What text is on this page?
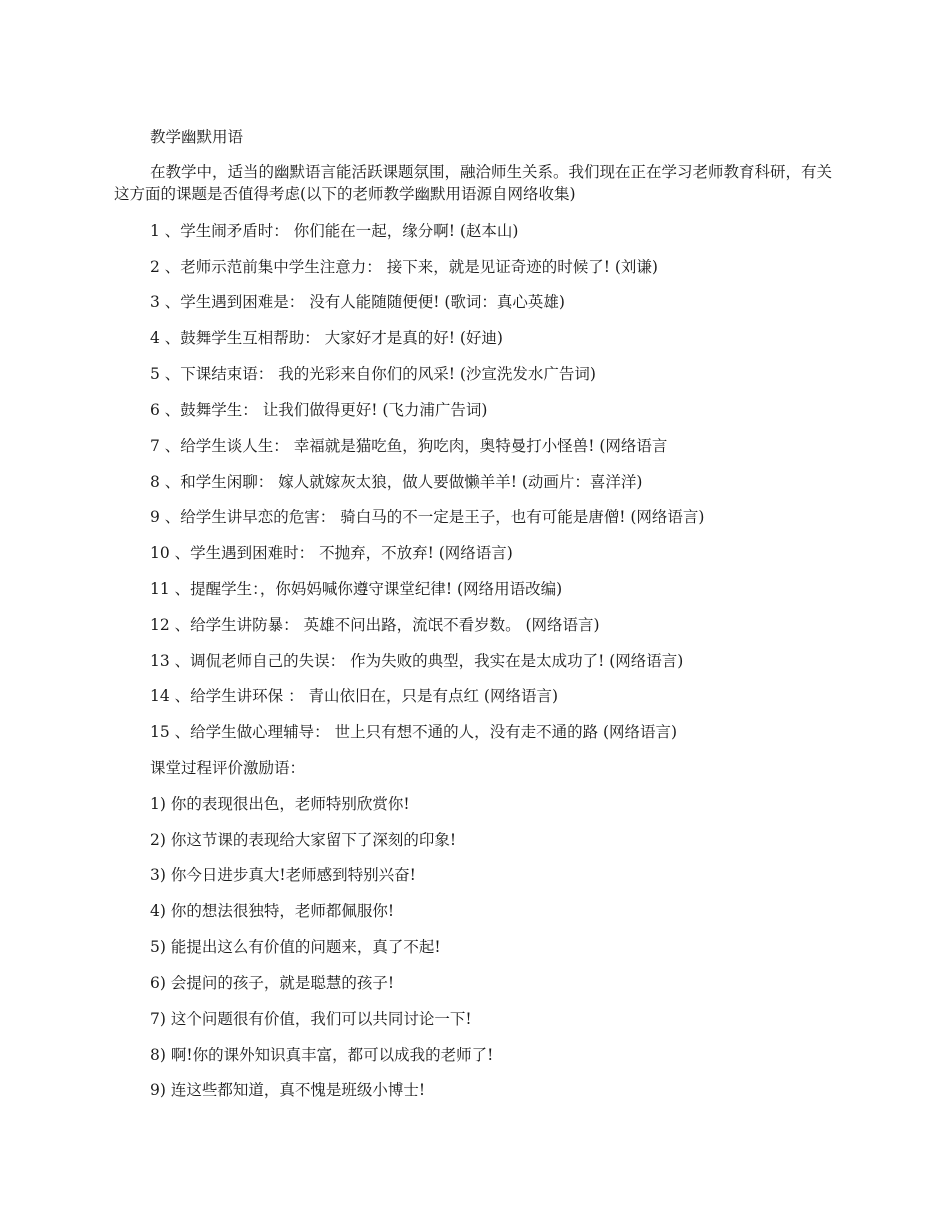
教学幽默用语
在教学中，适当的幽默语言能活跃课题氛围，融洽师生关系。我们现在正在学习老师教育科研，有关这方面的课题是否值得考虑(以下的老师教学幽默用语源自网络收集)
1 、学生闹矛盾时： 你们能在一起，缘分啊! (赵本山)
2 、老师示范前集中学生注意力： 接下来，就是见证奇迹的时候了! (刘谦)
3 、学生遇到困难是： 没有人能随随便便! (歌词：真心英雄)
4 、鼓舞学生互相帮助： 大家好才是真的好! (好迪)
5 、下课结束语： 我的光彩来自你们的风采! (沙宣洗发水广告词)
6 、鼓舞学生： 让我们做得更好! (飞力浦广告词)
7 、给学生谈人生： 幸福就是猫吃鱼，狗吃肉，奥特曼打小怪兽! (网络语言
8 、和学生闲聊： 嫁人就嫁灰太狼，做人要做懒羊羊! (动画片：喜洋洋)
9 、给学生讲早恋的危害： 骑白马的不一定是王子，也有可能是唐僧! (网络语言)
10 、学生遇到困难时： 不抛弃，不放弃! (网络语言)
11 、提醒学生：，你妈妈喊你遵守课堂纪律! (网络用语改编)
12 、给学生讲防暴： 英雄不问出路，流氓不看岁数。 (网络语言)
13 、调侃老师自己的失误： 作为失败的典型，我实在是太成功了! (网络语言)
14 、给学生讲环保 ： 青山依旧在，只是有点红 (网络语言)
15 、给学生做心理辅导： 世上只有想不通的人，没有走不通的路 (网络语言)
课堂过程评价激励语：
1) 你的表现很出色，老师特别欣赏你!
2) 你这节课的表现给大家留下了深刻的印象!
3) 你今日进步真大!老师感到特别兴奋!
4) 你的想法很独特，老师都佩服你!
5) 能提出这么有价值的问题来，真了不起!
6) 会提问的孩子，就是聪慧的孩子!
7) 这个问题很有价值，我们可以共同讨论一下!
8) 啊!你的课外知识真丰富，都可以成我的老师了!
9) 连这些都知道，真不愧是班级小博士!
